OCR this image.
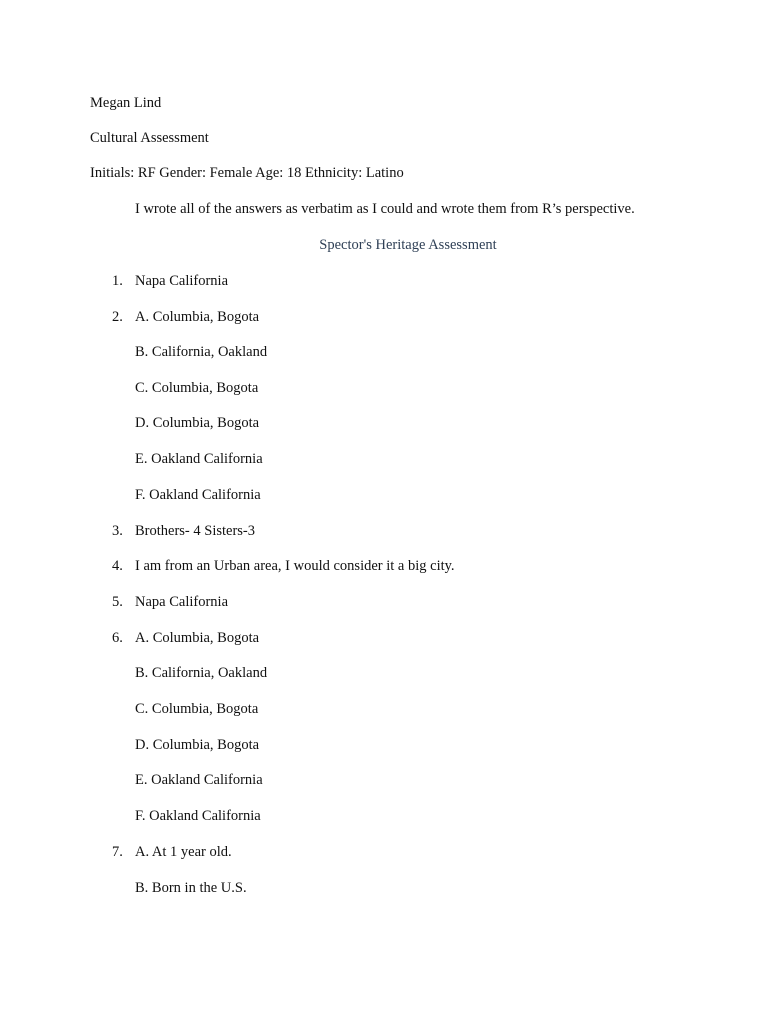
Megan Lind
Cultural Assessment
Initials: RF Gender: Female Age: 18 Ethnicity: Latino
I wrote all of the answers as verbatim as I could and wrote them from R’s perspective.
Spector's Heritage Assessment
1. Napa California
2. A. Columbia, Bogota
B. California, Oakland
C. Columbia, Bogota
D. Columbia, Bogota
E. Oakland California
F. Oakland California
3. Brothers- 4 Sisters-3
4. I am from an Urban area, I would consider it a big city.
5. Napa California
6. A. Columbia, Bogota
B. California, Oakland
C. Columbia, Bogota
D. Columbia, Bogota
E. Oakland California
F. Oakland California
7. A. At 1 year old.
B. Born in the U.S.
